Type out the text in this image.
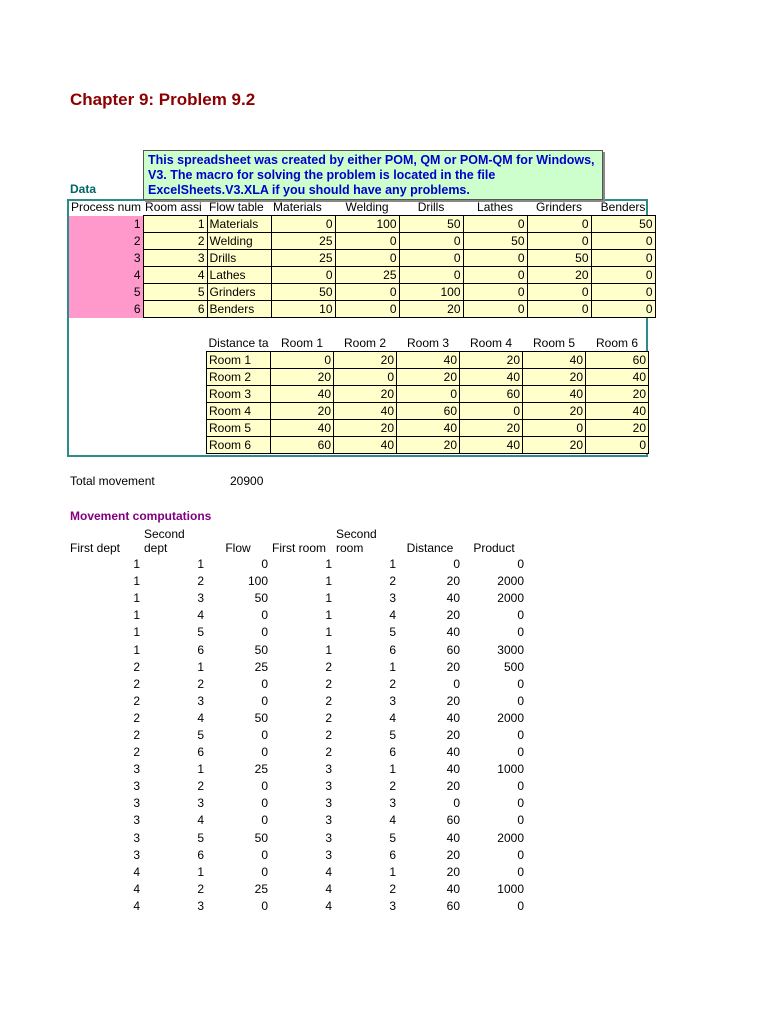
Chapter 9: Problem 9.2
This spreadsheet was created by either POM, QM or POM-QM for Windows, V3. The macro for solving the problem is located in the file ExcelSheets.V3.XLA if you should have any problems.
Data
Process num	Room assi	Flow table	Materials	Welding	Drills	Lathes	Grinders	Benders
1	1	Materials	0	100	50	0	0	50
2	2	Welding	25	0	0	50	0	0
3	3	Drills	25	0	0	0	50	0
4	4	Lathes	0	25	0	0	20	0
5	5	Grinders	50	0	100	0	0	0
6	6	Benders	10	0	20	0	0	0
Distance ta	Room 1	Room 2	Room 3	Room 4	Room 5	Room 6
Room 1	0	20	40	20	40	60
Room 2	20	0	20	40	20	40
Room 3	40	20	0	60	40	20
Room 4	20	40	60	0	20	40
Room 5	40	20	40	20	0	20
Room 6	60	40	20	40	20	0
Total movement	20900
Movement computations
First dept	Second dept	Flow	First room	Second room	Distance	Product
1	1	0	1	1	0	0
1	2	100	1	2	20	2000
1	3	50	1	3	40	2000
1	4	0	1	4	20	0
1	5	0	1	5	40	0
1	6	50	1	6	60	3000
2	1	25	2	1	20	500
2	2	0	2	2	0	0
2	3	0	2	3	20	0
2	4	50	2	4	40	2000
2	5	0	2	5	20	0
2	6	0	2	6	40	0
3	1	25	3	1	40	1000
3	2	0	3	2	20	0
3	3	0	3	3	0	0
3	4	0	3	4	60	0
3	5	50	3	5	40	2000
3	6	0	3	6	20	0
4	1	0	4	1	20	0
4	2	25	4	2	40	1000
4	3	0	4	3	60	0
